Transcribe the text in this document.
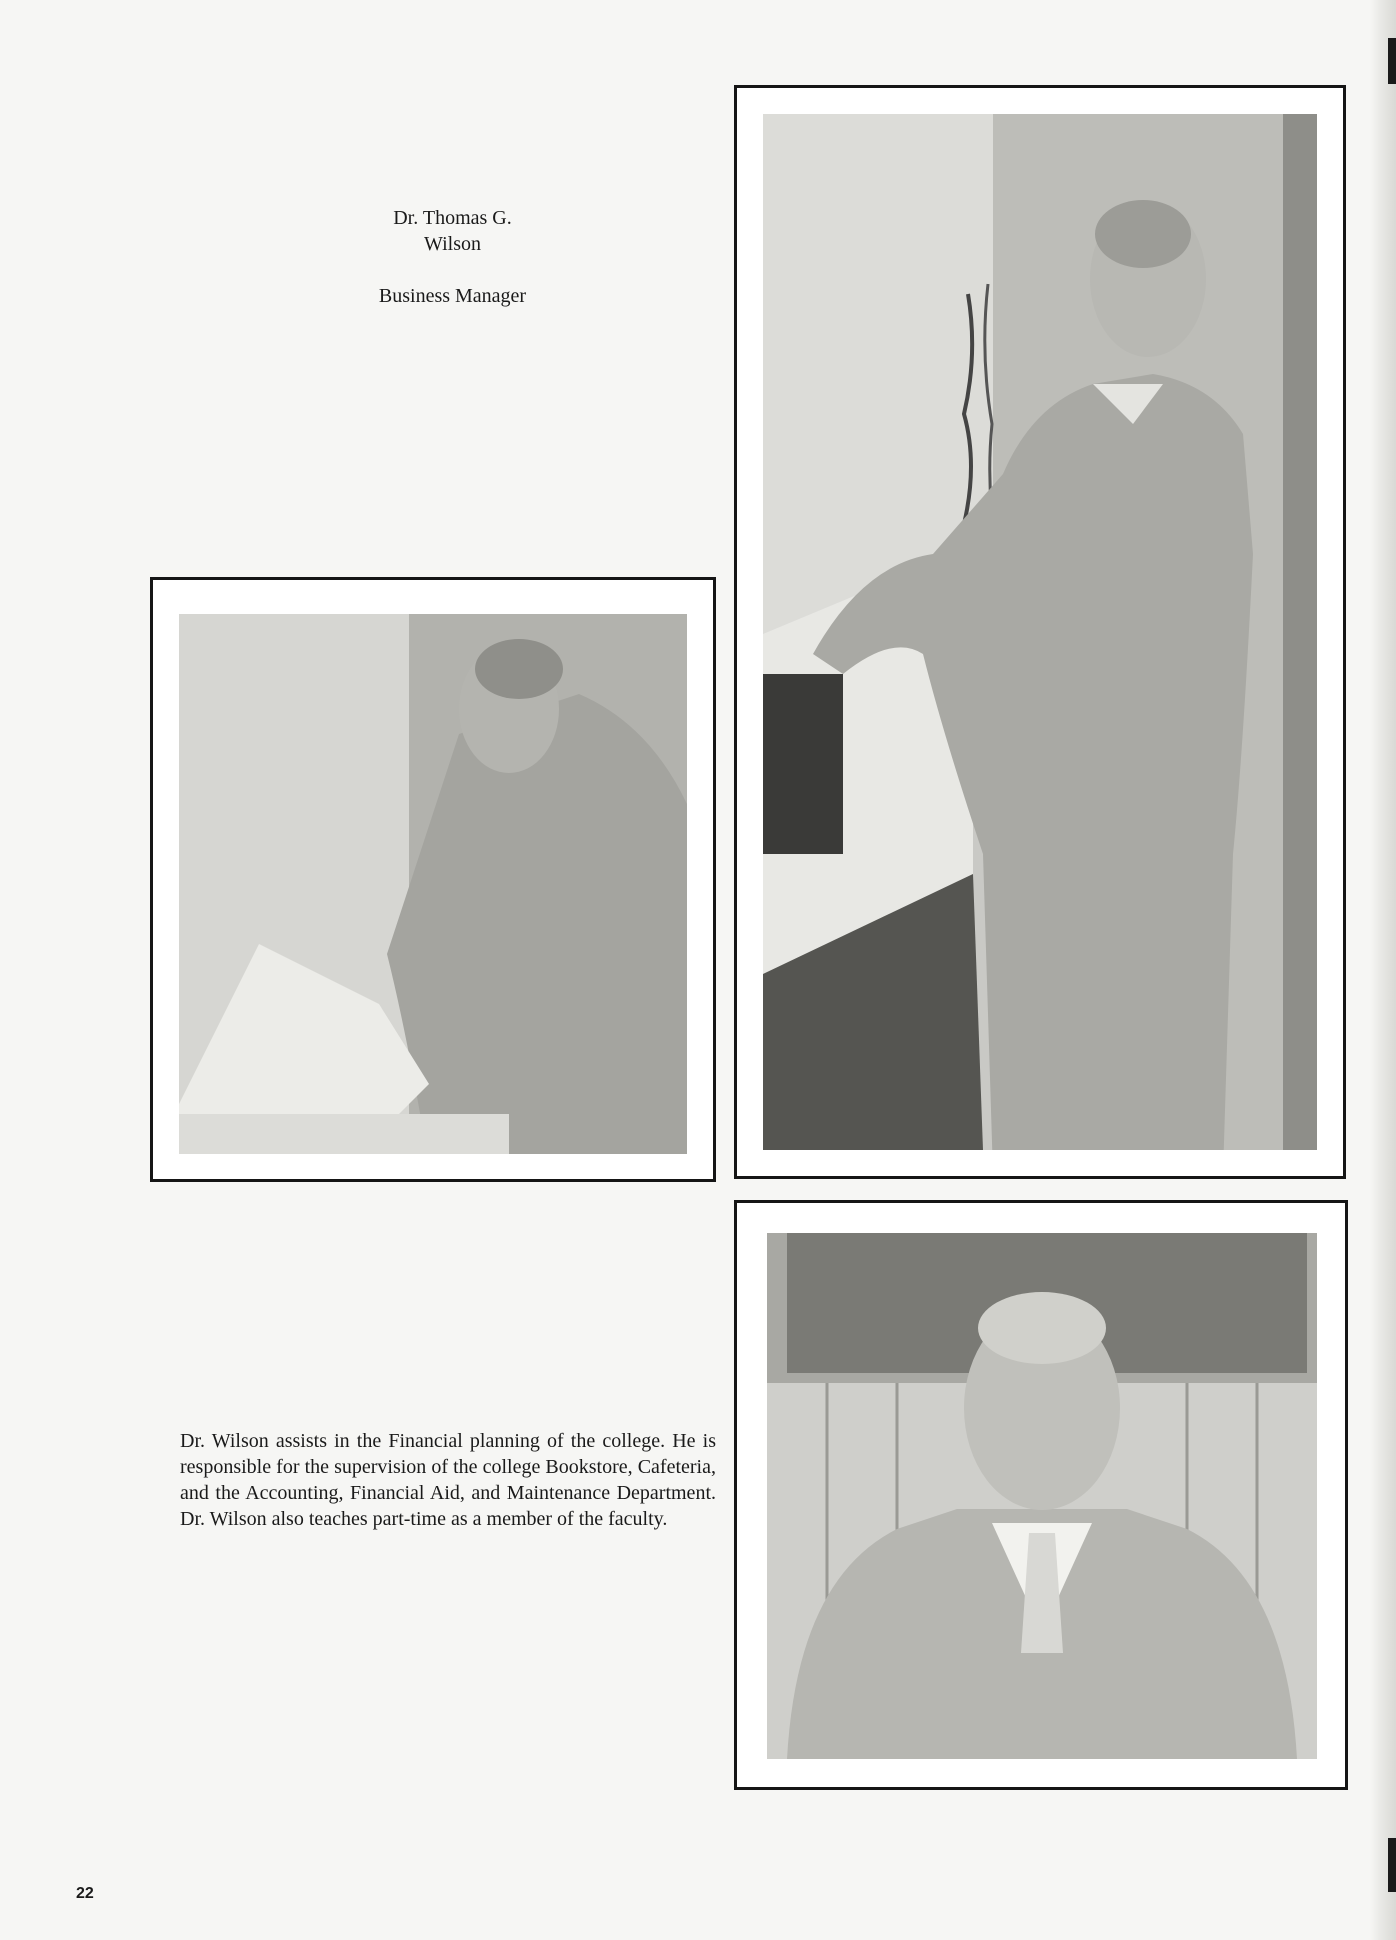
Dr. Thomas G.
Wilson
Business Manager

Dr. Wilson assists in the Financial planning of the college. He is responsible for the supervision of the college Bookstore, Cafeteria, and the Accounting, Financial Aid, and Maintenance Department. Dr. Wilson also teaches part-time as a member of the faculty.

22
